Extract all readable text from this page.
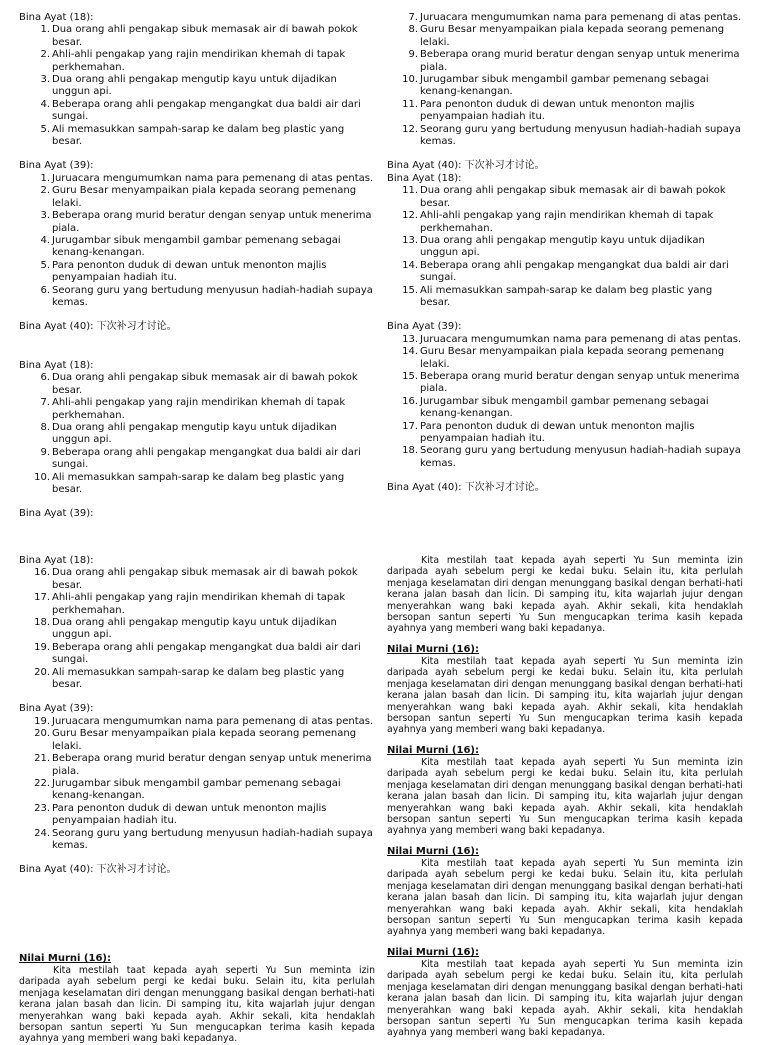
Bina Ayat (18):
1. Dua orang ahli pengakap sibuk memasak air di bawah pokok besar.
2. Ahli-ahli pengakap yang rajin mendirikan khemah di tapak perkhemahan.
3. Dua orang ahli pengakap mengutip kayu untuk dijadikan unggun api.
4. Beberapa orang ahli pengakap mengangkat dua baldi air dari sungai.
5. Ali memasukkan sampah-sarap ke dalam beg plastic yang besar.
Bina Ayat (39):
1. Juruacara mengumumkan nama para pemenang di atas pentas.
2. Guru Besar menyampaikan piala kepada seorang pemenang lelaki.
3. Beberapa orang murid beratur dengan senyap untuk menerima piala.
4. Jurugambar sibuk mengambil gambar pemenang sebagai kenang-kenangan.
5. Para penonton duduk di dewan untuk menonton majlis penyampaian hadiah itu.
6. Seorang guru yang bertudung menyusun hadiah-hadiah supaya kemas.
Bina Ayat (40): 下次补习才讨论。
Bina Ayat (18):
6. Dua orang ahli pengakap sibuk memasak air di bawah pokok besar.
7. Ahli-ahli pengakap yang rajin mendirikan khemah di tapak perkhemahan.
8. Dua orang ahli pengakap mengutip kayu untuk dijadikan unggun api.
9. Beberapa orang ahli pengakap mengangkat dua baldi air dari sungai.
10. Ali memasukkan sampah-sarap ke dalam beg plastic yang besar.
Bina Ayat (39):
Bina Ayat (18):
16. Dua orang ahli pengakap sibuk memasak air di bawah pokok besar.
17. Ahli-ahli pengakap yang rajin mendirikan khemah di tapak perkhemahan.
18. Dua orang ahli pengakap mengutip kayu untuk dijadikan unggun api.
19. Beberapa orang ahli pengakap mengangkat dua baldi air dari sungai.
20. Ali memasukkan sampah-sarap ke dalam beg plastic yang besar.
Bina Ayat (39):
19. Juruacara mengumumkan nama para pemenang di atas pentas.
20. Guru Besar menyampaikan piala kepada seorang pemenang lelaki.
21. Beberapa orang murid beratur dengan senyap untuk menerima piala.
22. Jurugambar sibuk mengambil gambar pemenang sebagai kenang-kenangan.
23. Para penonton duduk di dewan untuk menonton majlis penyampaian hadiah itu.
24. Seorang guru yang bertudung menyusun hadiah-hadiah supaya kemas.
Bina Ayat (40): 下次补习才讨论。
Nilai Murni (16):
Kita mestilah taat kepada ayah seperti Yu Sun meminta izin daripada ayah sebelum pergi ke kedai buku. Selain itu, kita perlulah menjaga keselamatan diri dengan menunggang basikal dengan berhati-hati kerana jalan basah dan licin. Di samping itu, kita wajarlah jujur dengan menyerahkan wang baki kepada ayah. Akhir sekali, kita hendaklah bersopan santun seperti Yu Sun mengucapkan terima kasih kepada ayahnya yang memberi wang baki kepadanya.
7. Juruacara mengumumkan nama para pemenang di atas pentas.
8. Guru Besar menyampaikan piala kepada seorang pemenang lelaki.
9. Beberapa orang murid beratur dengan senyap untuk menerima piala.
10. Jurugambar sibuk mengambil gambar pemenang sebagai kenang-kenangan.
11. Para penonton duduk di dewan untuk menonton majlis penyampaian hadiah itu.
12. Seorang guru yang bertudung menyusun hadiah-hadiah supaya kemas.
Bina Ayat (40): 下次补习才讨论。
Bina Ayat (18):
11. Dua orang ahli pengakap sibuk memasak air di bawah pokok besar.
12. Ahli-ahli pengakap yang rajin mendirikan khemah di tapak perkhemahan.
13. Dua orang ahli pengakap mengutip kayu untuk dijadikan unggun api.
14. Beberapa orang ahli pengakap mengangkat dua baldi air dari sungai.
15. Ali memasukkan sampah-sarap ke dalam beg plastic yang besar.
Bina Ayat (39):
13. Juruacara mengumumkan nama para pemenang di atas pentas.
14. Guru Besar menyampaikan piala kepada seorang pemenang lelaki.
15. Beberapa orang murid beratur dengan senyap untuk menerima piala.
16. Jurugambar sibuk mengambil gambar pemenang sebagai kenang-kenangan.
17. Para penonton duduk di dewan untuk menonton majlis penyampaian hadiah itu.
18. Seorang guru yang bertudung menyusun hadiah-hadiah supaya kemas.
Bina Ayat (40): 下次补习才讨论。
Kita mestilah taat kepada ayah seperti Yu Sun meminta izin daripada ayah sebelum pergi ke kedai buku. Selain itu, kita perlulah menjaga keselamatan diri dengan menunggang basikal dengan berhati-hati kerana jalan basah dan licin. Di samping itu, kita wajarlah jujur dengan menyerahkan wang baki kepada ayah. Akhir sekali, kita hendaklah bersopan santun seperti Yu Sun mengucapkan terima kasih kepada ayahnya yang memberi wang baki kepadanya.
Nilai Murni (16):
Kita mestilah taat kepada ayah seperti Yu Sun meminta izin daripada ayah sebelum pergi ke kedai buku. Selain itu, kita perlulah menjaga keselamatan diri dengan menunggang basikal dengan berhati-hati kerana jalan basah dan licin. Di samping itu, kita wajarlah jujur dengan menyerahkan wang baki kepada ayah. Akhir sekali, kita hendaklah bersopan santun seperti Yu Sun mengucapkan terima kasih kepada ayahnya yang memberi wang baki kepadanya.
Nilai Murni (16):
Kita mestilah taat kepada ayah seperti Yu Sun meminta izin daripada ayah sebelum pergi ke kedai buku. Selain itu, kita perlulah menjaga keselamatan diri dengan menunggang basikal dengan berhati-hati kerana jalan basah dan licin. Di samping itu, kita wajarlah jujur dengan menyerahkan wang baki kepada ayah. Akhir sekali, kita hendaklah bersopan santun seperti Yu Sun mengucapkan terima kasih kepada ayahnya yang memberi wang baki kepadanya.
Nilai Murni (16):
Kita mestilah taat kepada ayah seperti Yu Sun meminta izin daripada ayah sebelum pergi ke kedai buku. Selain itu, kita perlulah menjaga keselamatan diri dengan menunggang basikal dengan berhati-hati kerana jalan basah dan licin. Di samping itu, kita wajarlah jujur dengan menyerahkan wang baki kepada ayah. Akhir sekali, kita hendaklah bersopan santun seperti Yu Sun mengucapkan terima kasih kepada ayahnya yang memberi wang baki kepadanya.
Nilai Murni (16):
Kita mestilah taat kepada ayah seperti Yu Sun meminta izin daripada ayah sebelum pergi ke kedai buku. Selain itu, kita perlulah menjaga keselamatan diri dengan menunggang basikal dengan berhati-hati kerana jalan basah dan licin. Di samping itu, kita wajarlah jujur dengan menyerahkan wang baki kepada ayah. Akhir sekali, kita hendaklah bersopan santun seperti Yu Sun mengucapkan terima kasih kepada ayahnya yang memberi wang baki kepadanya.
